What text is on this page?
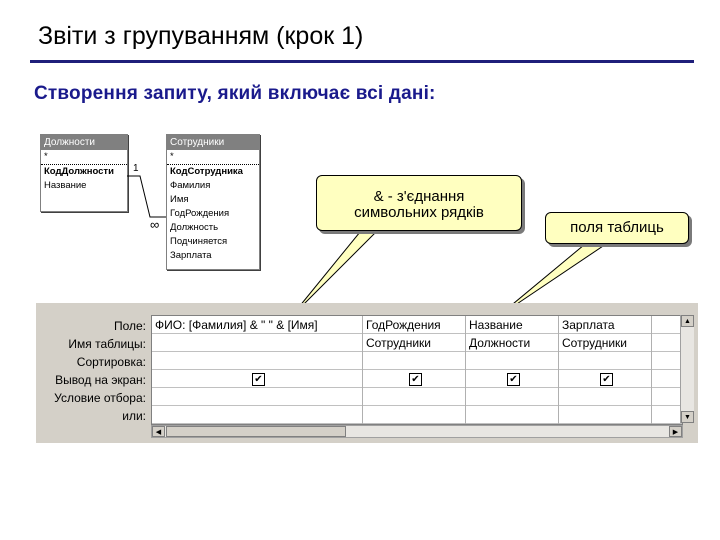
Звіти з групуванням (крок 1)
Створення запиту, який включає всі дані:
Должности
*
КодДолжности
Название
Сотрудники
*
КодСотрудника
Фамилия
Имя
ГодРождения
Должность
Подчиняется
Зарплата
1
∞
& - з'єднання символьних рядків
поля таблиць
Поле:
Имя таблицы:
Сортировка:
Вывод на экран:
Условие отбора:
или:
ФИО: [Фамилия] & " " & [Имя]
✔
ГодРождения
Сотрудники
✔
Название
Должности
✔
Зарплата
Сотрудники
✔
▲
▼
◀	▶
